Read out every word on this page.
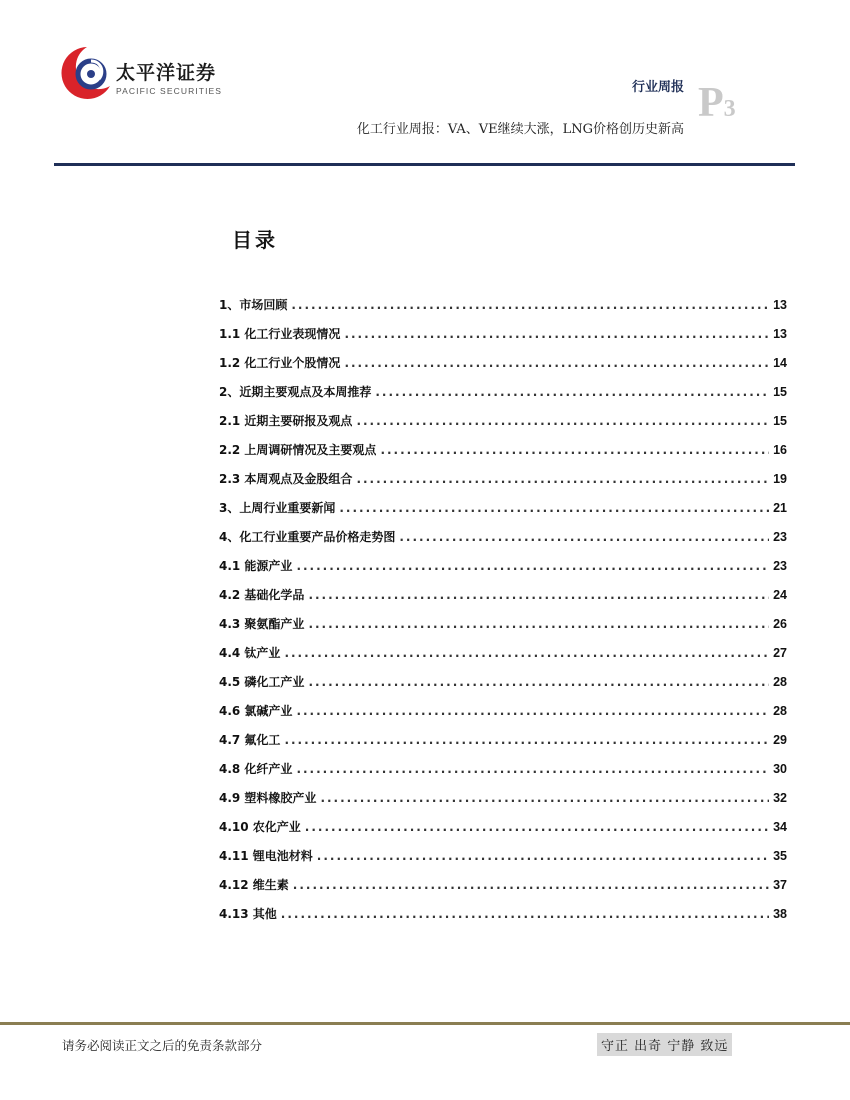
太平洋证券
PACIFIC SECURITIES	行业周报 P3
化工行业周报：VA、VE继续大涨，LNG价格创历史新高
目录
1、市场回顾 .....	13
1.1 化工行业表现情况 .....	13
1.2 化工行业个股情况 .....	14
2、近期主要观点及本周推荐 .....	15
2.1 近期主要研报及观点 .....	15
2.2 上周调研情况及主要观点 .....	16
2.3 本周观点及金股组合 .....	19
3、上周行业重要新闻 .....	21
4、化工行业重要产品价格走势图 .....	23
4.1 能源产业 .....	23
4.2 基础化学品 .....	24
4.3 聚氨酯产业 .....	26
4.4 钛产业 .....	27
4.5 磷化工产业 .....	28
4.6 氯碱产业 .....	28
4.7 氟化工 .....	29
4.8 化纤产业 .....	30
4.9 塑料橡胶产业 .....	32
4.10 农化产业 .....	34
4.11 锂电池材料 .....	35
4.12 维生素 .....	37
4.13 其他 .....	38
请务必阅读正文之后的免责条款部分	守正 出奇 宁静 致远
